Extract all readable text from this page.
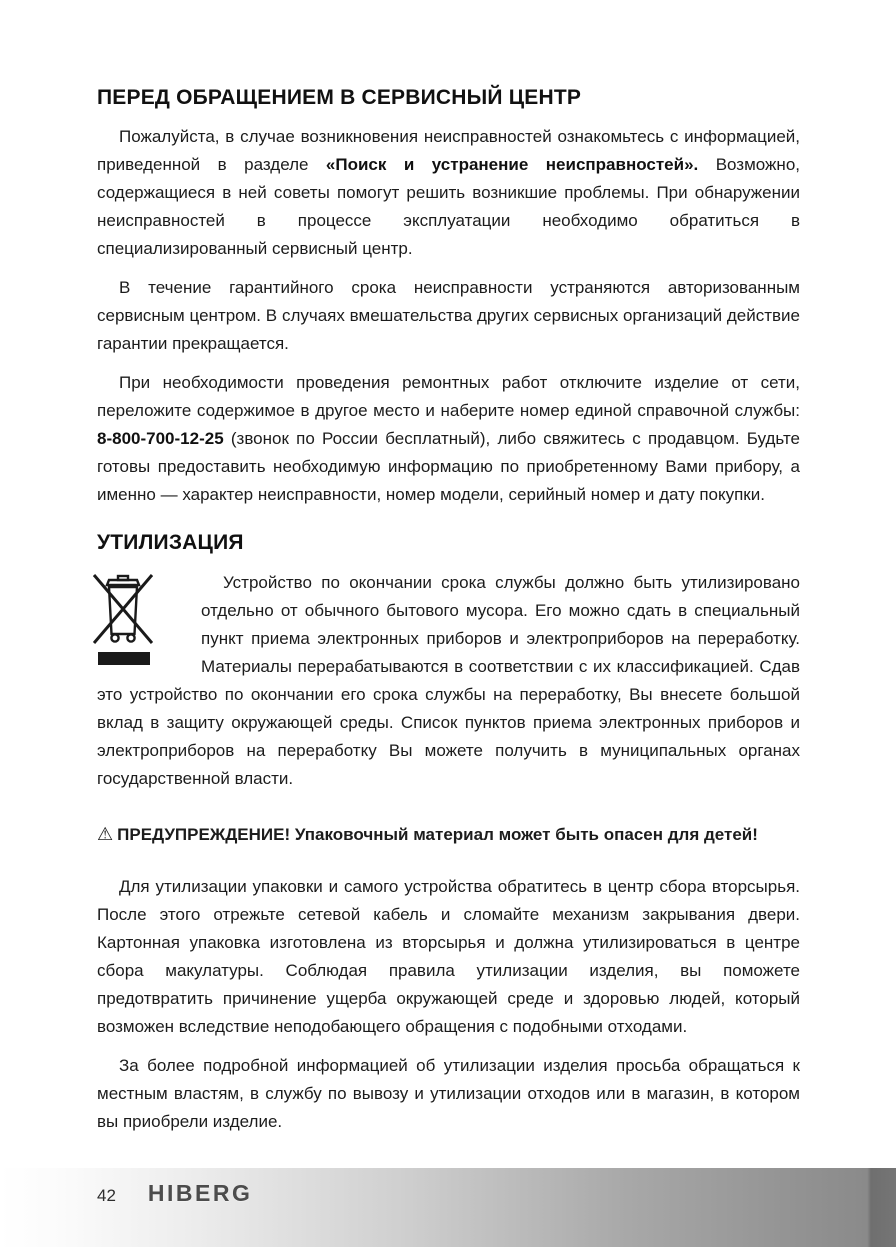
ПЕРЕД ОБРАЩЕНИЕМ В СЕРВИСНЫЙ ЦЕНТР

Пожалуйста, в случае возникновения неисправностей ознакомьтесь с информацией, приведенной в разделе «Поиск и устранение неисправностей». Возможно, содержащиеся в ней советы помогут решить возникшие проблемы. При обнаружении неисправностей в процессе эксплуатации необходимо обратиться в специализированный сервисный центр.

В течение гарантийного срока неисправности устраняются авторизованным сервисным центром. В случаях вмешательства других сервисных организаций действие гарантии прекращается.

При необходимости проведения ремонтных работ отключите изделие от сети, переложите содержимое в другое место и наберите номер единой справочной службы: 8-800-700-12-25 (звонок по России бесплатный), либо свяжитесь с продавцом. Будьте готовы предоставить необходимую информацию по приобретенному Вами прибору, а именно — характер неисправности, номер модели, серийный номер и дату покупки.

УТИЛИЗАЦИЯ

Устройство по окончании срока службы должно быть утилизировано отдельно от обычного бытового мусора. Его можно сдать в специальный пункт приема электронных приборов и электроприборов на переработку. Материалы перерабатываются в соответствии с их классификацией. Сдав это устройство по окончании его срока службы на переработку, Вы внесете большой вклад в защиту окружающей среды. Список пунктов приема электронных приборов и электроприборов на переработку Вы можете получить в муниципальных органах государственной власти.

⚠ ПРЕДУПРЕЖДЕНИЕ! Упаковочный материал может быть опасен для детей!

Для утилизации упаковки и самого устройства обратитесь в центр сбора вторсырья. После этого отрежьте сетевой кабель и сломайте механизм закрывания двери. Картонная упаковка изготовлена из вторсырья и должна утилизироваться в центре сбора макулатуры. Соблюдая правила утилизации изделия, вы поможете предотвратить причинение ущерба окружающей среде и здоровью людей, который возможен вследствие неподобающего обращения с подобными отходами.

За более подробной информацией об утилизации изделия просьба обращаться к местным властям, в службу по вывозу и утилизации отходов или в магазин, в котором вы приобрели изделие.

42 HIBERG
